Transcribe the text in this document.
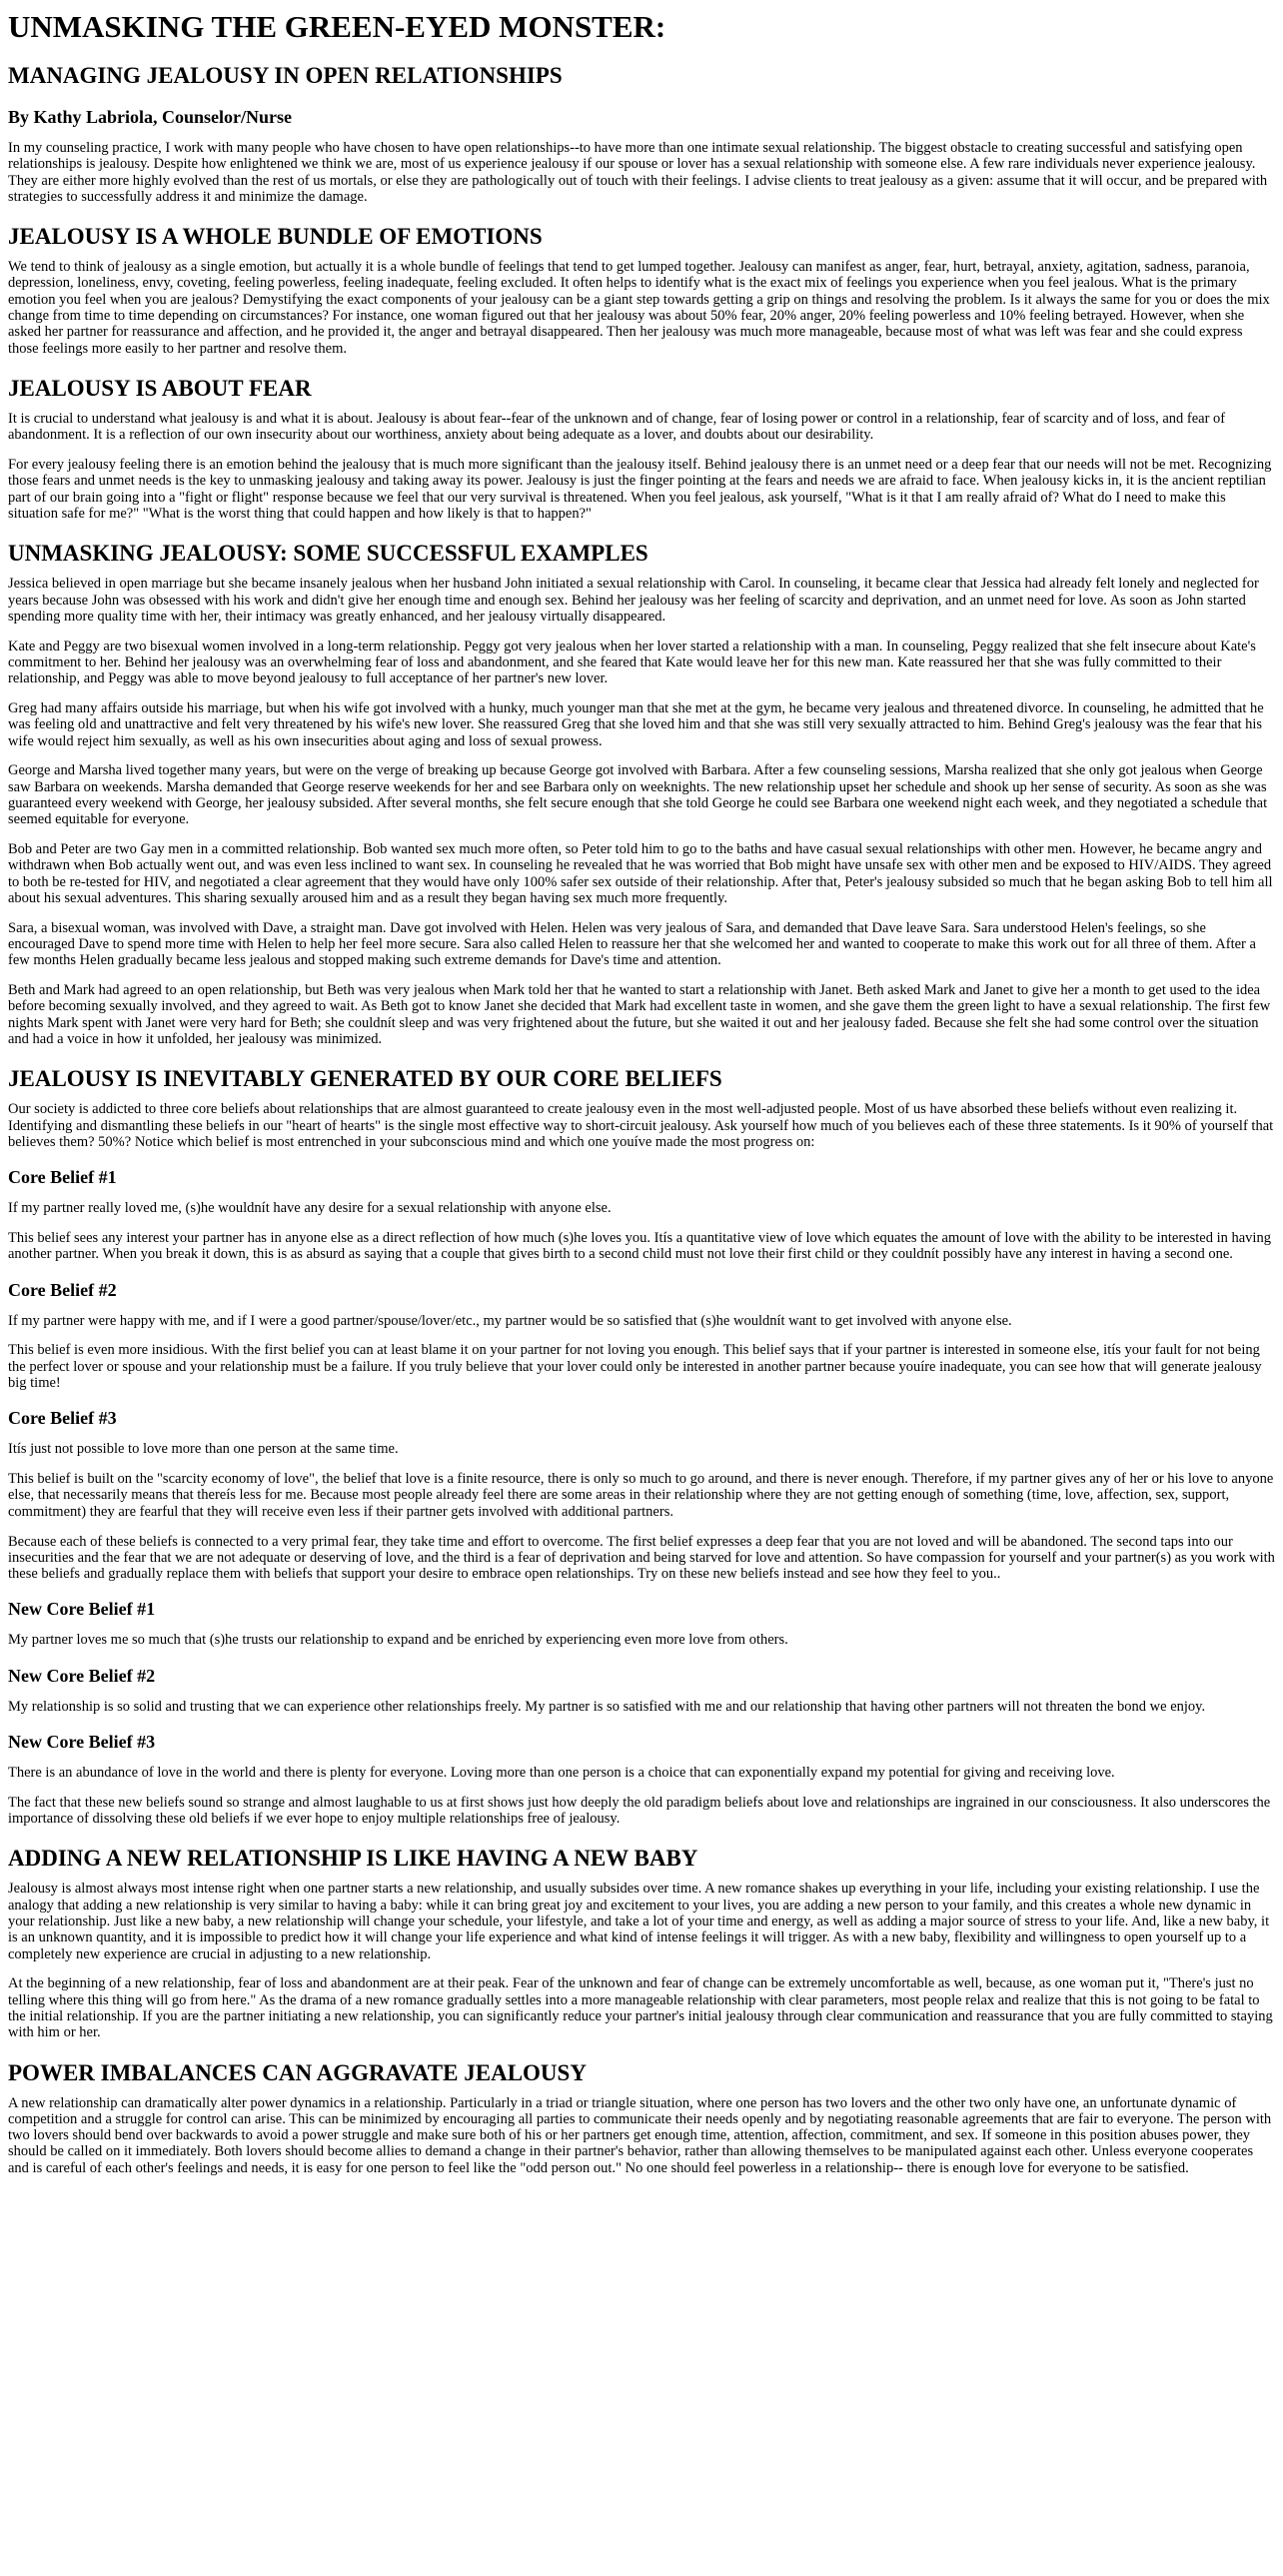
UNMASKING THE GREEN-EYED MONSTER:
MANAGING JEALOUSY IN OPEN RELATIONSHIPS
By Kathy Labriola, Counselor/Nurse

In my counseling practice, I work with many people who have chosen to have open relationships--to have more than one intimate sexual relationship. The biggest obstacle to creating successful and satisfying open relationships is jealousy. Despite how enlightened we think we are, most of us experience jealousy if our spouse or lover has a sexual relationship with someone else. A few rare individuals never experience jealousy. They are either more highly evolved than the rest of us mortals, or else they are pathologically out of touch with their feelings. I advise clients to treat jealousy as a given: assume that it will occur, and be prepared with strategies to successfully address it and minimize the damage.

JEALOUSY IS A WHOLE BUNDLE OF EMOTIONS

We tend to think of jealousy as a single emotion, but actually it is a whole bundle of feelings that tend to get lumped together. Jealousy can manifest as anger, fear, hurt, betrayal, anxiety, agitation, sadness, paranoia, depression, loneliness, envy, coveting, feeling powerless, feeling inadequate, feeling excluded. It often helps to identify what is the exact mix of feelings you experience when you feel jealous. What is the primary emotion you feel when you are jealous? Demystifying the exact components of your jealousy can be a giant step towards getting a grip on things and resolving the problem. Is it always the same for you or does the mix change from time to time depending on circumstances? For instance, one woman figured out that her jealousy was about 50% fear, 20% anger, 20% feeling powerless and 10% feeling betrayed. However, when she asked her partner for reassurance and affection, and he provided it, the anger and betrayal disappeared. Then her jealousy was much more manageable, because most of what was left was fear and she could express those feelings more easily to her partner and resolve them.

JEALOUSY IS ABOUT FEAR

It is crucial to understand what jealousy is and what it is about. Jealousy is about fear--fear of the unknown and of change, fear of losing power or control in a relationship, fear of scarcity and of loss, and fear of abandonment. It is a reflection of our own insecurity about our worthiness, anxiety about being adequate as a lover, and doubts about our desirability.

For every jealousy feeling there is an emotion behind the jealousy that is much more significant than the jealousy itself. Behind jealousy there is an unmet need or a deep fear that our needs will not be met. Recognizing those fears and unmet needs is the key to unmasking jealousy and taking away its power. Jealousy is just the finger pointing at the fears and needs we are afraid to face. When jealousy kicks in, it is the ancient reptilian part of our brain going into a "fight or flight" response because we feel that our very survival is threatened. When you feel jealous, ask yourself, "What is it that I am really afraid of? What do I need to make this situation safe for me?" "What is the worst thing that could happen and how likely is that to happen?"

UNMASKING JEALOUSY: SOME SUCCESSFUL EXAMPLES

Jessica believed in open marriage but she became insanely jealous when her husband John initiated a sexual relationship with Carol. In counseling, it became clear that Jessica had already felt lonely and neglected for years because John was obsessed with his work and didn't give her enough time and enough sex. Behind her jealousy was her feeling of scarcity and deprivation, and an unmet need for love. As soon as John started spending more quality time with her, their intimacy was greatly enhanced, and her jealousy virtually disappeared.

Kate and Peggy are two bisexual women involved in a long-term relationship. Peggy got very jealous when her lover started a relationship with a man. In counseling, Peggy realized that she felt insecure about Kate's commitment to her. Behind her jealousy was an overwhelming fear of loss and abandonment, and she feared that Kate would leave her for this new man. Kate reassured her that she was fully committed to their relationship, and Peggy was able to move beyond jealousy to full acceptance of her partner's new lover.

Greg had many affairs outside his marriage, but when his wife got involved with a hunky, much younger man that she met at the gym, he became very jealous and threatened divorce. In counseling, he admitted that he was feeling old and unattractive and felt very threatened by his wife's new lover. She reassured Greg that she loved him and that she was still very sexually attracted to him. Behind Greg's jealousy was the fear that his wife would reject him sexually, as well as his own insecurities about aging and loss of sexual prowess.

George and Marsha lived together many years, but were on the verge of breaking up because George got involved with Barbara. After a few counseling sessions, Marsha realized that she only got jealous when George saw Barbara on weekends. Marsha demanded that George reserve weekends for her and see Barbara only on weeknights. The new relationship upset her schedule and shook up her sense of security. As soon as she was guaranteed every weekend with George, her jealousy subsided. After several months, she felt secure enough that she told George he could see Barbara one weekend night each week, and they negotiated a schedule that seemed equitable for everyone.

Bob and Peter are two Gay men in a committed relationship. Bob wanted sex much more often, so Peter told him to go to the baths and have casual sexual relationships with other men. However, he became angry and withdrawn when Bob actually went out, and was even less inclined to want sex. In counseling he revealed that he was worried that Bob might have unsafe sex with other men and be exposed to HIV/AIDS. They agreed to both be re-tested for HIV, and negotiated a clear agreement that they would have only 100% safer sex outside of their relationship. After that, Peter's jealousy subsided so much that he began asking Bob to tell him all about his sexual adventures. This sharing sexually aroused him and as a result they began having sex much more frequently.

Sara, a bisexual woman, was involved with Dave, a straight man. Dave got involved with Helen. Helen was very jealous of Sara, and demanded that Dave leave Sara. Sara understood Helen's feelings, so she encouraged Dave to spend more time with Helen to help her feel more secure. Sara also called Helen to reassure her that she welcomed her and wanted to cooperate to make this work out for all three of them. After a few months Helen gradually became less jealous and stopped making such extreme demands for Dave's time and attention.

Beth and Mark had agreed to an open relationship, but Beth was very jealous when Mark told her that he wanted to start a relationship with Janet. Beth asked Mark and Janet to give her a month to get used to the idea before becoming sexually involved, and they agreed to wait. As Beth got to know Janet she decided that Mark had excellent taste in women, and she gave them the green light to have a sexual relationship. The first few nights Mark spent with Janet were very hard for Beth; she couldnít sleep and was very frightened about the future, but she waited it out and her jealousy faded. Because she felt she had some control over the situation and had a voice in how it unfolded, her jealousy was minimized.

JEALOUSY IS INEVITABLY GENERATED BY OUR CORE BELIEFS

Our society is addicted to three core beliefs about relationships that are almost guaranteed to create jealousy even in the most well-adjusted people. Most of us have absorbed these beliefs without even realizing it. Identifying and dismantling these beliefs in our "heart of hearts" is the single most effective way to short-circuit jealousy. Ask yourself how much of you believes each of these three statements. Is it 90% of yourself that believes them? 50%? Notice which belief is most entrenched in your subconscious mind and which one youíve made the most progress on:

Core Belief #1

If my partner really loved me, (s)he wouldnít have any desire for a sexual relationship with anyone else.

This belief sees any interest your partner has in anyone else as a direct reflection of how much (s)he loves you. Itís a quantitative view of love which equates the amount of love with the ability to be interested in having another partner. When you break it down, this is as absurd as saying that a couple that gives birth to a second child must not love their first child or they couldnít possibly have any interest in having a second one.

Core Belief #2

If my partner were happy with me, and if I were a good partner/spouse/lover/etc., my partner would be so satisfied that (s)he wouldnít want to get involved with anyone else.

This belief is even more insidious. With the first belief you can at least blame it on your partner for not loving you enough. This belief says that if your partner is interested in someone else, itís your fault for not being the perfect lover or spouse and your relationship must be a failure. If you truly believe that your lover could only be interested in another partner because youíre inadequate, you can see how that will generate jealousy big time!

Core Belief #3

Itís just not possible to love more than one person at the same time.

This belief is built on the "scarcity economy of love", the belief that love is a finite resource, there is only so much to go around, and there is never enough. Therefore, if my partner gives any of her or his love to anyone else, that necessarily means that thereís less for me. Because most people already feel there are some areas in their relationship where they are not getting enough of something (time, love, affection, sex, support, commitment) they are fearful that they will receive even less if their partner gets involved with additional partners.

Because each of these beliefs is connected to a very primal fear, they take time and effort to overcome. The first belief expresses a deep fear that you are not loved and will be abandoned. The second taps into our insecurities and the fear that we are not adequate or deserving of love, and the third is a fear of deprivation and being starved for love and attention. So have compassion for yourself and your partner(s) as you work with these beliefs and gradually replace them with beliefs that support your desire to embrace open relationships. Try on these new beliefs instead and see how they feel to you..

New Core Belief #1

My partner loves me so much that (s)he trusts our relationship to expand and be enriched by experiencing even more love from others.

New Core Belief #2

My relationship is so solid and trusting that we can experience other relationships freely. My partner is so satisfied with me and our relationship that having other partners will not threaten the bond we enjoy.

New Core Belief #3

There is an abundance of love in the world and there is plenty for everyone. Loving more than one person is a choice that can exponentially expand my potential for giving and receiving love.

The fact that these new beliefs sound so strange and almost laughable to us at first shows just how deeply the old paradigm beliefs about love and relationships are ingrained in our consciousness. It also underscores the importance of dissolving these old beliefs if we ever hope to enjoy multiple relationships free of jealousy.

ADDING A NEW RELATIONSHIP IS LIKE HAVING A NEW BABY

Jealousy is almost always most intense right when one partner starts a new relationship, and usually subsides over time. A new romance shakes up everything in your life, including your existing relationship. I use the analogy that adding a new relationship is very similar to having a baby: while it can bring great joy and excitement to your lives, you are adding a new person to your family, and this creates a whole new dynamic in your relationship. Just like a new baby, a new relationship will change your schedule, your lifestyle, and take a lot of your time and energy, as well as adding a major source of stress to your life. And, like a new baby, it is an unknown quantity, and it is impossible to predict how it will change your life experience and what kind of intense feelings it will trigger. As with a new baby, flexibility and willingness to open yourself up to a completely new experience are crucial in adjusting to a new relationship.

At the beginning of a new relationship, fear of loss and abandonment are at their peak. Fear of the unknown and fear of change can be extremely uncomfortable as well, because, as one woman put it, "There's just no telling where this thing will go from here." As the drama of a new romance gradually settles into a more manageable relationship with clear parameters, most people relax and realize that this is not going to be fatal to the initial relationship. If you are the partner initiating a new relationship, you can significantly reduce your partner's initial jealousy through clear communication and reassurance that you are fully committed to staying with him or her.

POWER IMBALANCES CAN AGGRAVATE JEALOUSY

A new relationship can dramatically alter power dynamics in a relationship. Particularly in a triad or triangle situation, where one person has two lovers and the other two only have one, an unfortunate dynamic of competition and a struggle for control can arise. This can be minimized by encouraging all parties to communicate their needs openly and by negotiating reasonable agreements that are fair to everyone. The person with two lovers should bend over backwards to avoid a power struggle and make sure both of his or her partners get enough time, attention, affection, commitment, and sex. If someone in this position abuses power, they should be called on it immediately. Both lovers should become allies to demand a change in their partner's behavior, rather than allowing themselves to be manipulated against each other. Unless everyone cooperates and is careful of each other's feelings and needs, it is easy for one person to feel like the "odd person out." No one should feel powerless in a relationship-- there is enough love for everyone to be satisfied.
